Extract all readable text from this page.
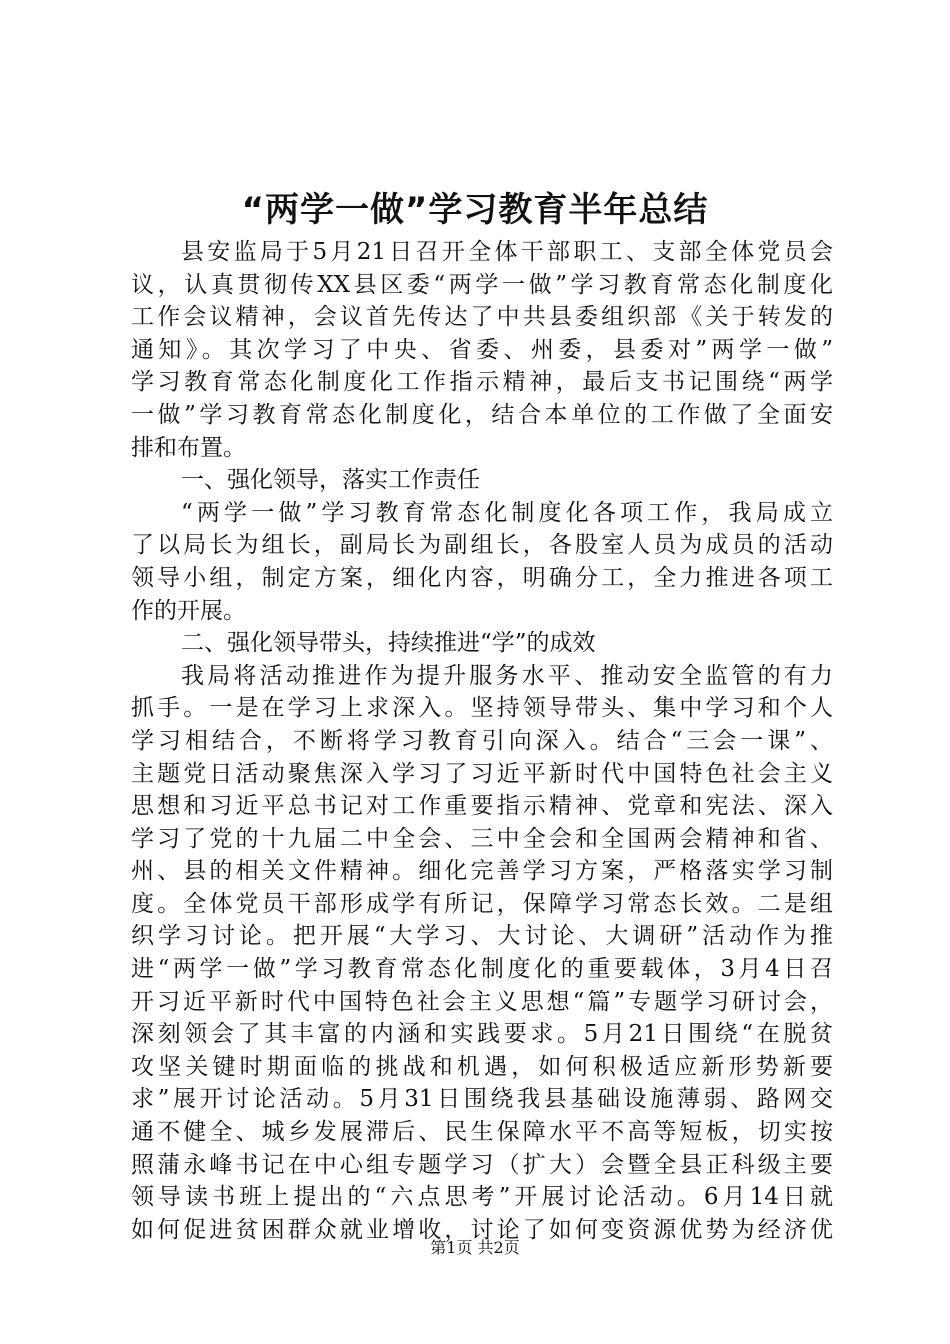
“两学一做”学习教育半年总结
县安监局于5月21日召开全体干部职工、支部全体党员会
议，认真贯彻传XX县区委“两学一做”学习教育常态化制度化
工作会议精神，会议首先传达了中共县委组织部《关于转发的
通知》。其次学习了中央、省委、州委，县委对”两学一做”
学习教育常态化制度化工作指示精神，最后支书记围绕“两学
一做”学习教育常态化制度化，结合本单位的工作做了全面安
排和布置。
一、强化领导，落实工作责任
“两学一做”学习教育常态化制度化各项工作，我局成立
了以局长为组长，副局长为副组长，各股室人员为成员的活动
领导小组，制定方案，细化内容，明确分工，全力推进各项工
作的开展。
二、强化领导带头，持续推进“学”的成效
我局将活动推进作为提升服务水平、推动安全监管的有力
抓手。一是在学习上求深入。坚持领导带头、集中学习和个人
学习相结合，不断将学习教育引向深入。结合“三会一课”、
主题党日活动聚焦深入学习了习近平新时代中国特色社会主义
思想和习近平总书记对工作重要指示精神、党章和宪法、深入
学习了党的十九届二中全会、三中全会和全国两会精神和省、
州、县的相关文件精神。细化完善学习方案，严格落实学习制
度。全体党员干部形成学有所记，保障学习常态长效。二是组
织学习讨论。把开展“大学习、大讨论、大调研”活动作为推
进“两学一做”学习教育常态化制度化的重要载体，3月4日召
开习近平新时代中国特色社会主义思想“篇”专题学习研讨会，
深刻领会了其丰富的内涵和实践要求。5月21日围绕“在脱贫
攻坚关键时期面临的挑战和机遇，如何积极适应新形势新要
求”展开讨论活动。5月31日围绕我县基础设施薄弱、路网交
通不健全、城乡发展滞后、民生保障水平不高等短板，切实按
照蒲永峰书记在中心组专题学习（扩大）会暨全县正科级主要
领导读书班上提出的“六点思考”开展讨论活动。6月14日就
如何促进贫困群众就业增收，讨论了如何变资源优势为经济优
第1页 共2页
